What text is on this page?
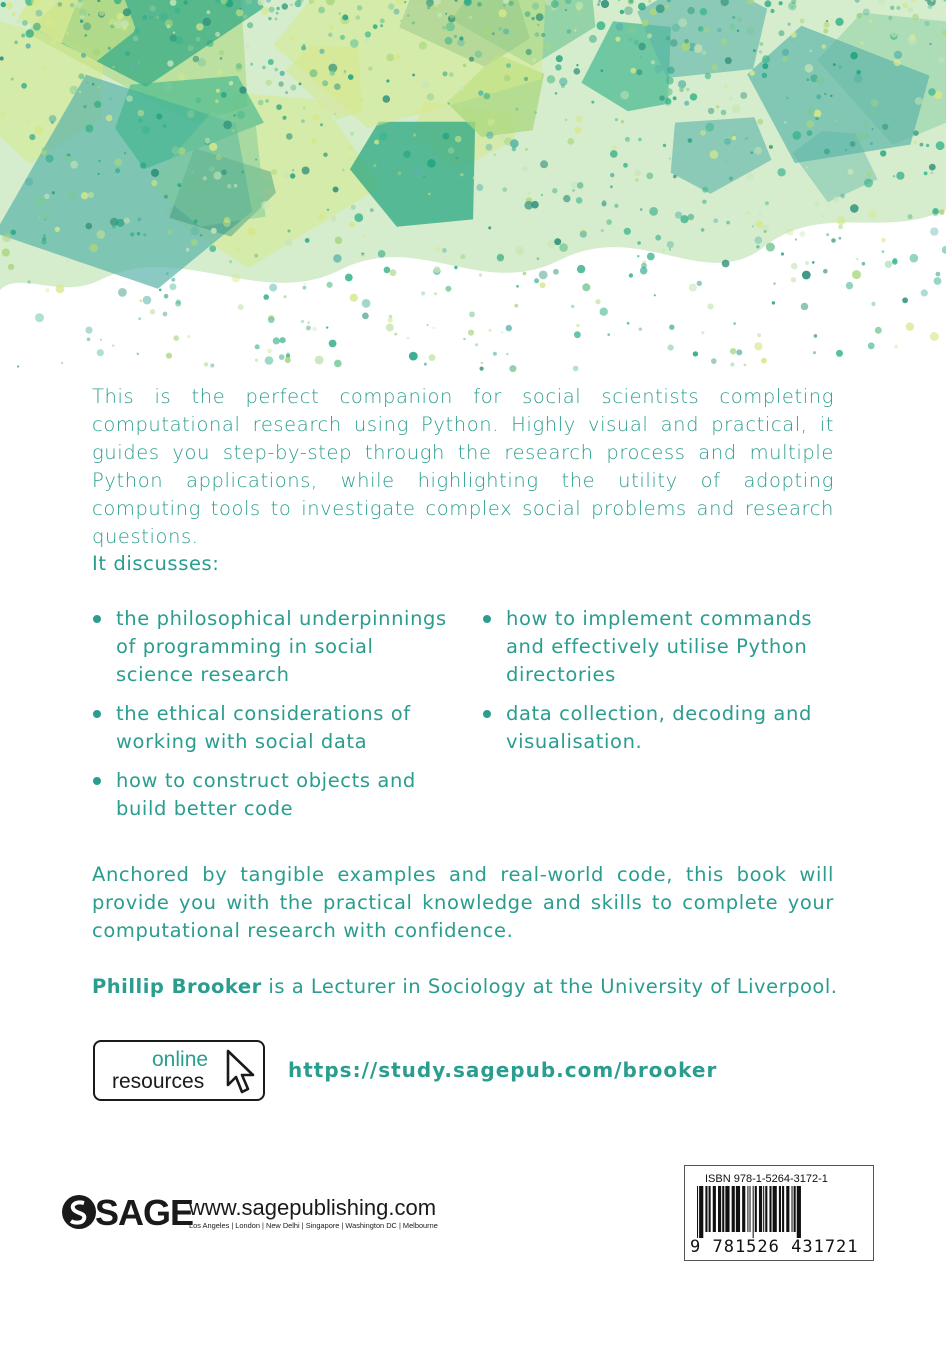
This is the perfect companion for social scientists completing computational research using Python. Highly visual and practical, it guides you step-by-step through the research process and multiple Python applications, while highlighting the utility of adopting computing tools to investigate complex social problems and research questions.

It discusses:

the philosophical underpinnings of programming in social science research
the ethical considerations of working with social data
how to construct objects and build better code
how to implement commands and effectively utilise Python directories
data collection, decoding and visualisation.

Anchored by tangible examples and real-world code, this book will provide you with the practical knowledge and skills to complete your computational research with confidence.

Phillip Brooker is a Lecturer in Sociology at the University of Liverpool.

online
resources	https://study.sagepub.com/brooker
SAGE
www.sagepublishing.com
Los Angeles | London | New Delhi | Singapore | Washington DC | Melbourne
ISBN 978-1-5264-3172-1
9 781526 431721
